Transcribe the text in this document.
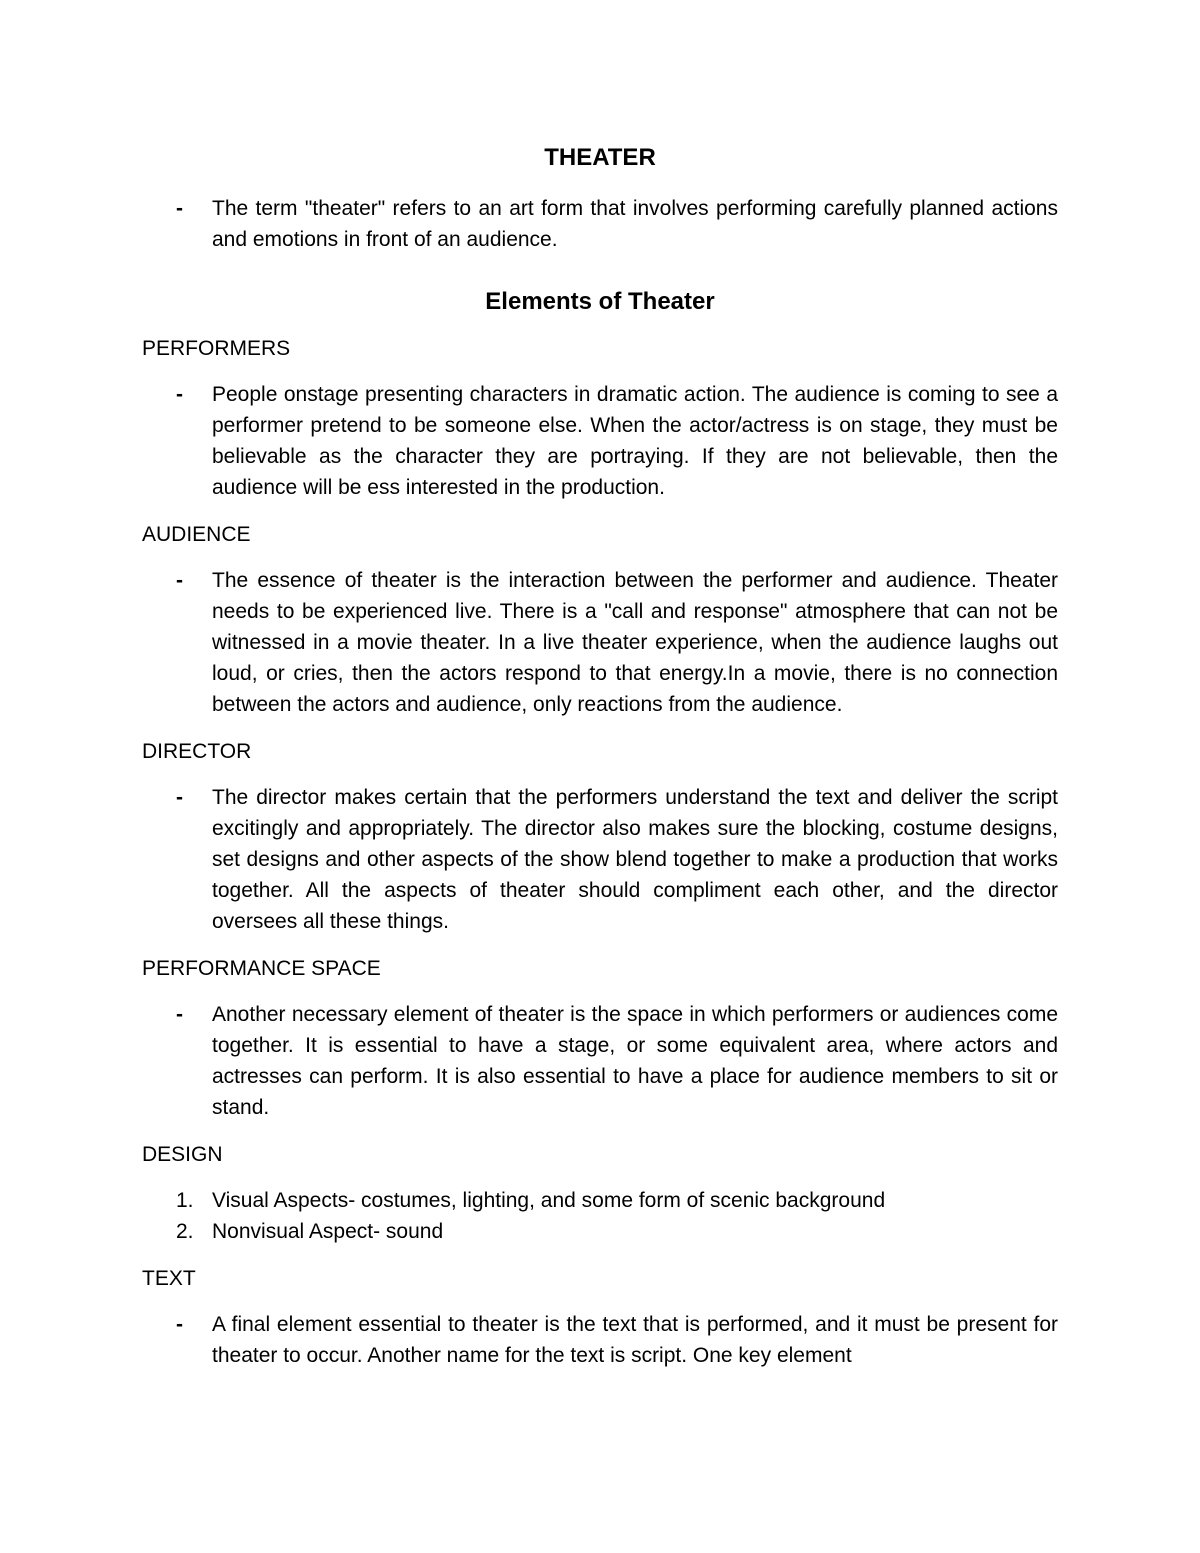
THEATER
- The term "theater" refers to an art form that involves performing carefully planned actions and emotions in front of an audience.
Elements of Theater
PERFORMERS
- People onstage presenting characters in dramatic action. The audience is coming to see a performer pretend to be someone else. When the actor/actress is on stage, they must be believable as the character they are portraying. If they are not believable, then the audience will be ess interested in the production.
AUDIENCE
- The essence of theater is the interaction between the performer and audience. Theater needs to be experienced live. There is a "call and response" atmosphere that can not be witnessed in a movie theater. In a live theater experience, when the audience laughs out loud, or cries, then the actors respond to that energy.In a movie, there is no connection between the actors and audience, only reactions from the audience.
DIRECTOR
- The director makes certain that the performers understand the text and deliver the script excitingly and appropriately. The director also makes sure the blocking, costume designs, set designs and other aspects of the show blend together to make a production that works together. All the aspects of theater should compliment each other, and the director oversees all these things.
PERFORMANCE SPACE
- Another necessary element of theater is the space in which performers or audiences come together. It is essential to have a stage, or some equivalent area, where actors and actresses can perform. It is also essential to have a place for audience members to sit or stand.
DESIGN
1. Visual Aspects- costumes, lighting, and some form of scenic background
2. Nonvisual Aspect- sound
TEXT
- A final element essential to theater is the text that is performed, and it must be present for theater to occur. Another name for the text is script. One key element
